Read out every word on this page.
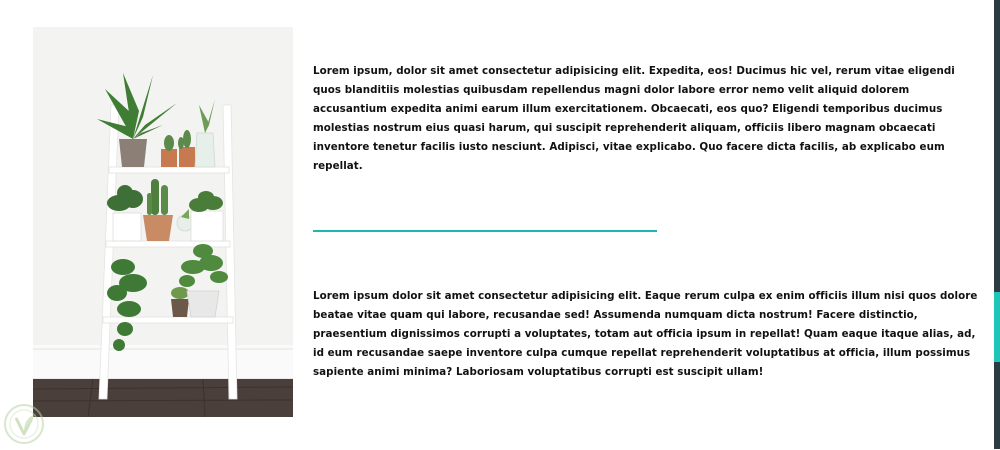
Lorem ipsum, dolor sit amet consectetur adipisicing elit. Expedita, eos! Ducimus hic vel, rerum vitae eligendi quos blanditiis molestias quibusdam repellendus magni dolor labore error nemo velit aliquid dolorem accusantium expedita animi earum illum exercitationem. Obcaecati, eos quo? Eligendi temporibus ducimus molestias nostrum eius quasi harum, qui suscipit reprehenderit aliquam, officiis libero magnam obcaecati inventore tenetur facilis iusto nesciunt. Adipisci, vitae explicabo. Quo facere dicta facilis, ab explicabo eum repellat.

Lorem ipsum dolor sit amet consectetur adipisicing elit. Eaque rerum culpa ex enim officiis illum nisi quos dolore beatae vitae quam qui labore, recusandae sed! Assumenda numquam dicta nostrum! Facere distinctio, praesentium dignissimos corrupti a voluptates, totam aut officia ipsum in repellat! Quam eaque itaque alias, ad, id eum recusandae saepe inventore culpa cumque repellat reprehenderit voluptatibus at officia, illum possimus sapiente animi minima? Laboriosam voluptatibus corrupti est suscipit ullam!
